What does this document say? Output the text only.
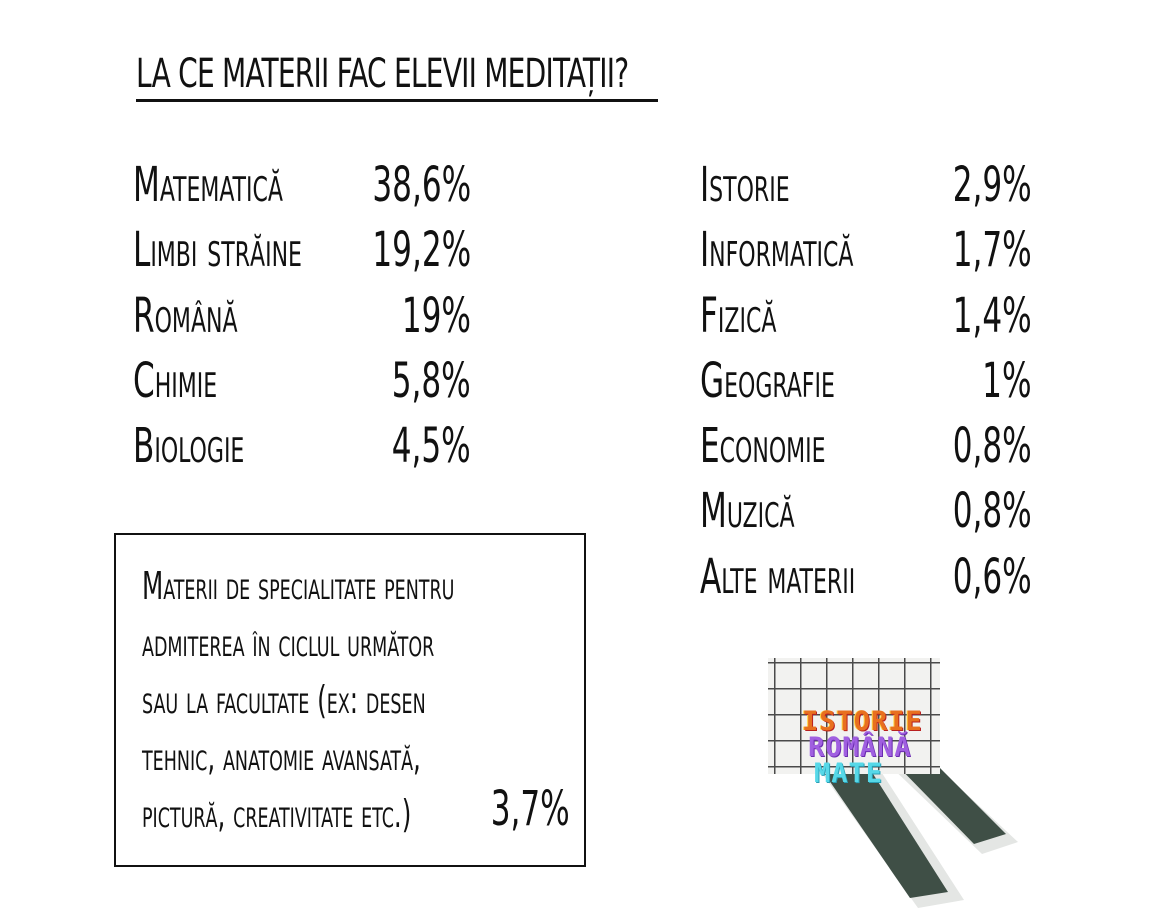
LA CE MATERII FAC ELEVII MEDITAȚII?
Matematică 38,6%
Limbi străine 19,2%
Română	19%
Chimie	5,8%
Biologie	4,5%
Istorie	2,9%
Informatică 1,7%
Fizică	1,4%
Geografie	1%
Economie	0,8%
Muzică	0,8%
Alte materii 0,6%
Materii de specialitate pentru
admiterea în ciclul următor
sau la facultate (ex: desen
tehnic, anatomie avansată,
pictură, creativitate etc.) 3,7%
ISTORIE
ROMÂNĂ
MATE
